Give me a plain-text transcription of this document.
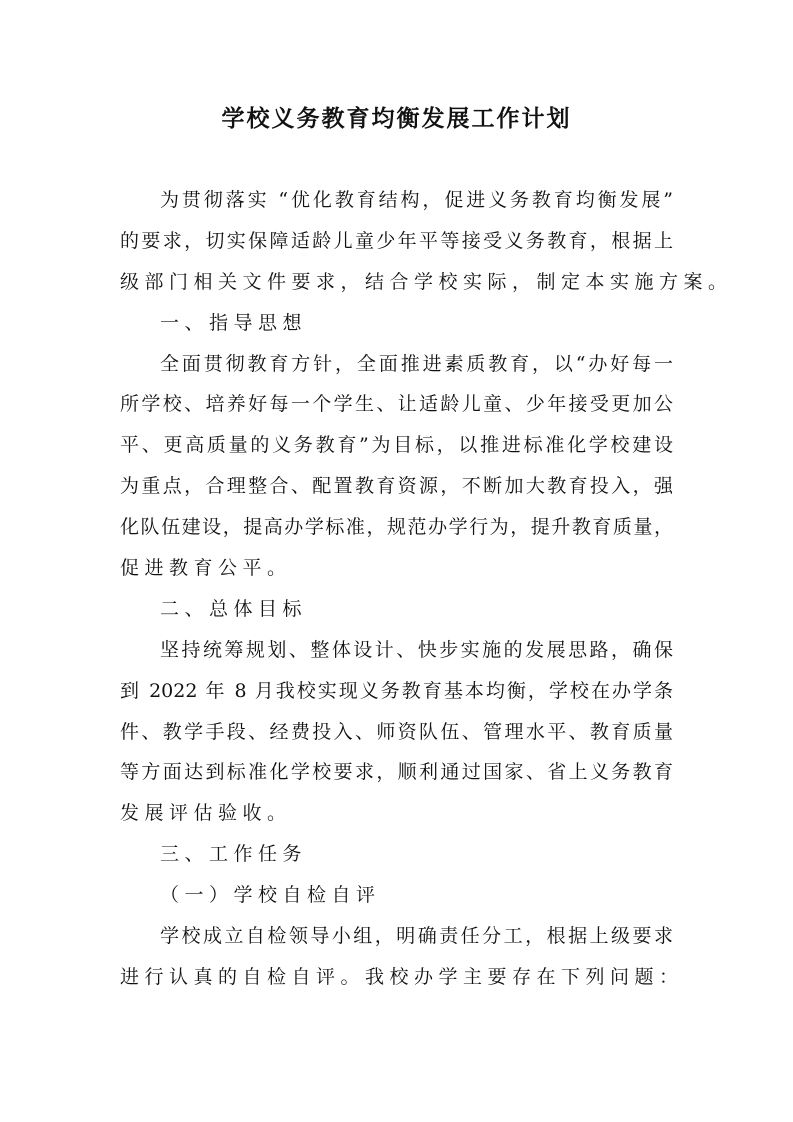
学校义务教育均衡发展工作计划
为贯彻落实 “优化教育结构，促进义务教育均衡发展”
的要求，切实保障适龄儿童少年平等接受义务教育，根据上
级部门相关文件要求，结合学校实际，制定本实施方案。
一、指导思想
全面贯彻教育方针，全面推进素质教育，以“办好每一
所学校、培养好每一个学生、让适龄儿童、少年接受更加公
平、更高质量的义务教育”为目标，以推进标准化学校建设
为重点，合理整合、配置教育资源，不断加大教育投入，强
化队伍建设，提高办学标准，规范办学行为，提升教育质量，
促进教育公平。
二、总体目标
坚持统筹规划、整体设计、快步实施的发展思路，确保
到 2022 年 8 月我校实现义务教育基本均衡，学校在办学条
件、教学手段、经费投入、师资队伍、管理水平、教育质量
等方面达到标准化学校要求，顺利通过国家、省上义务教育
发展评估验收。
三、工作任务
（一）学校自检自评
学校成立自检领导小组，明确责任分工，根据上级要求
进行认真的自检自评。我校办学主要存在下列问题：
